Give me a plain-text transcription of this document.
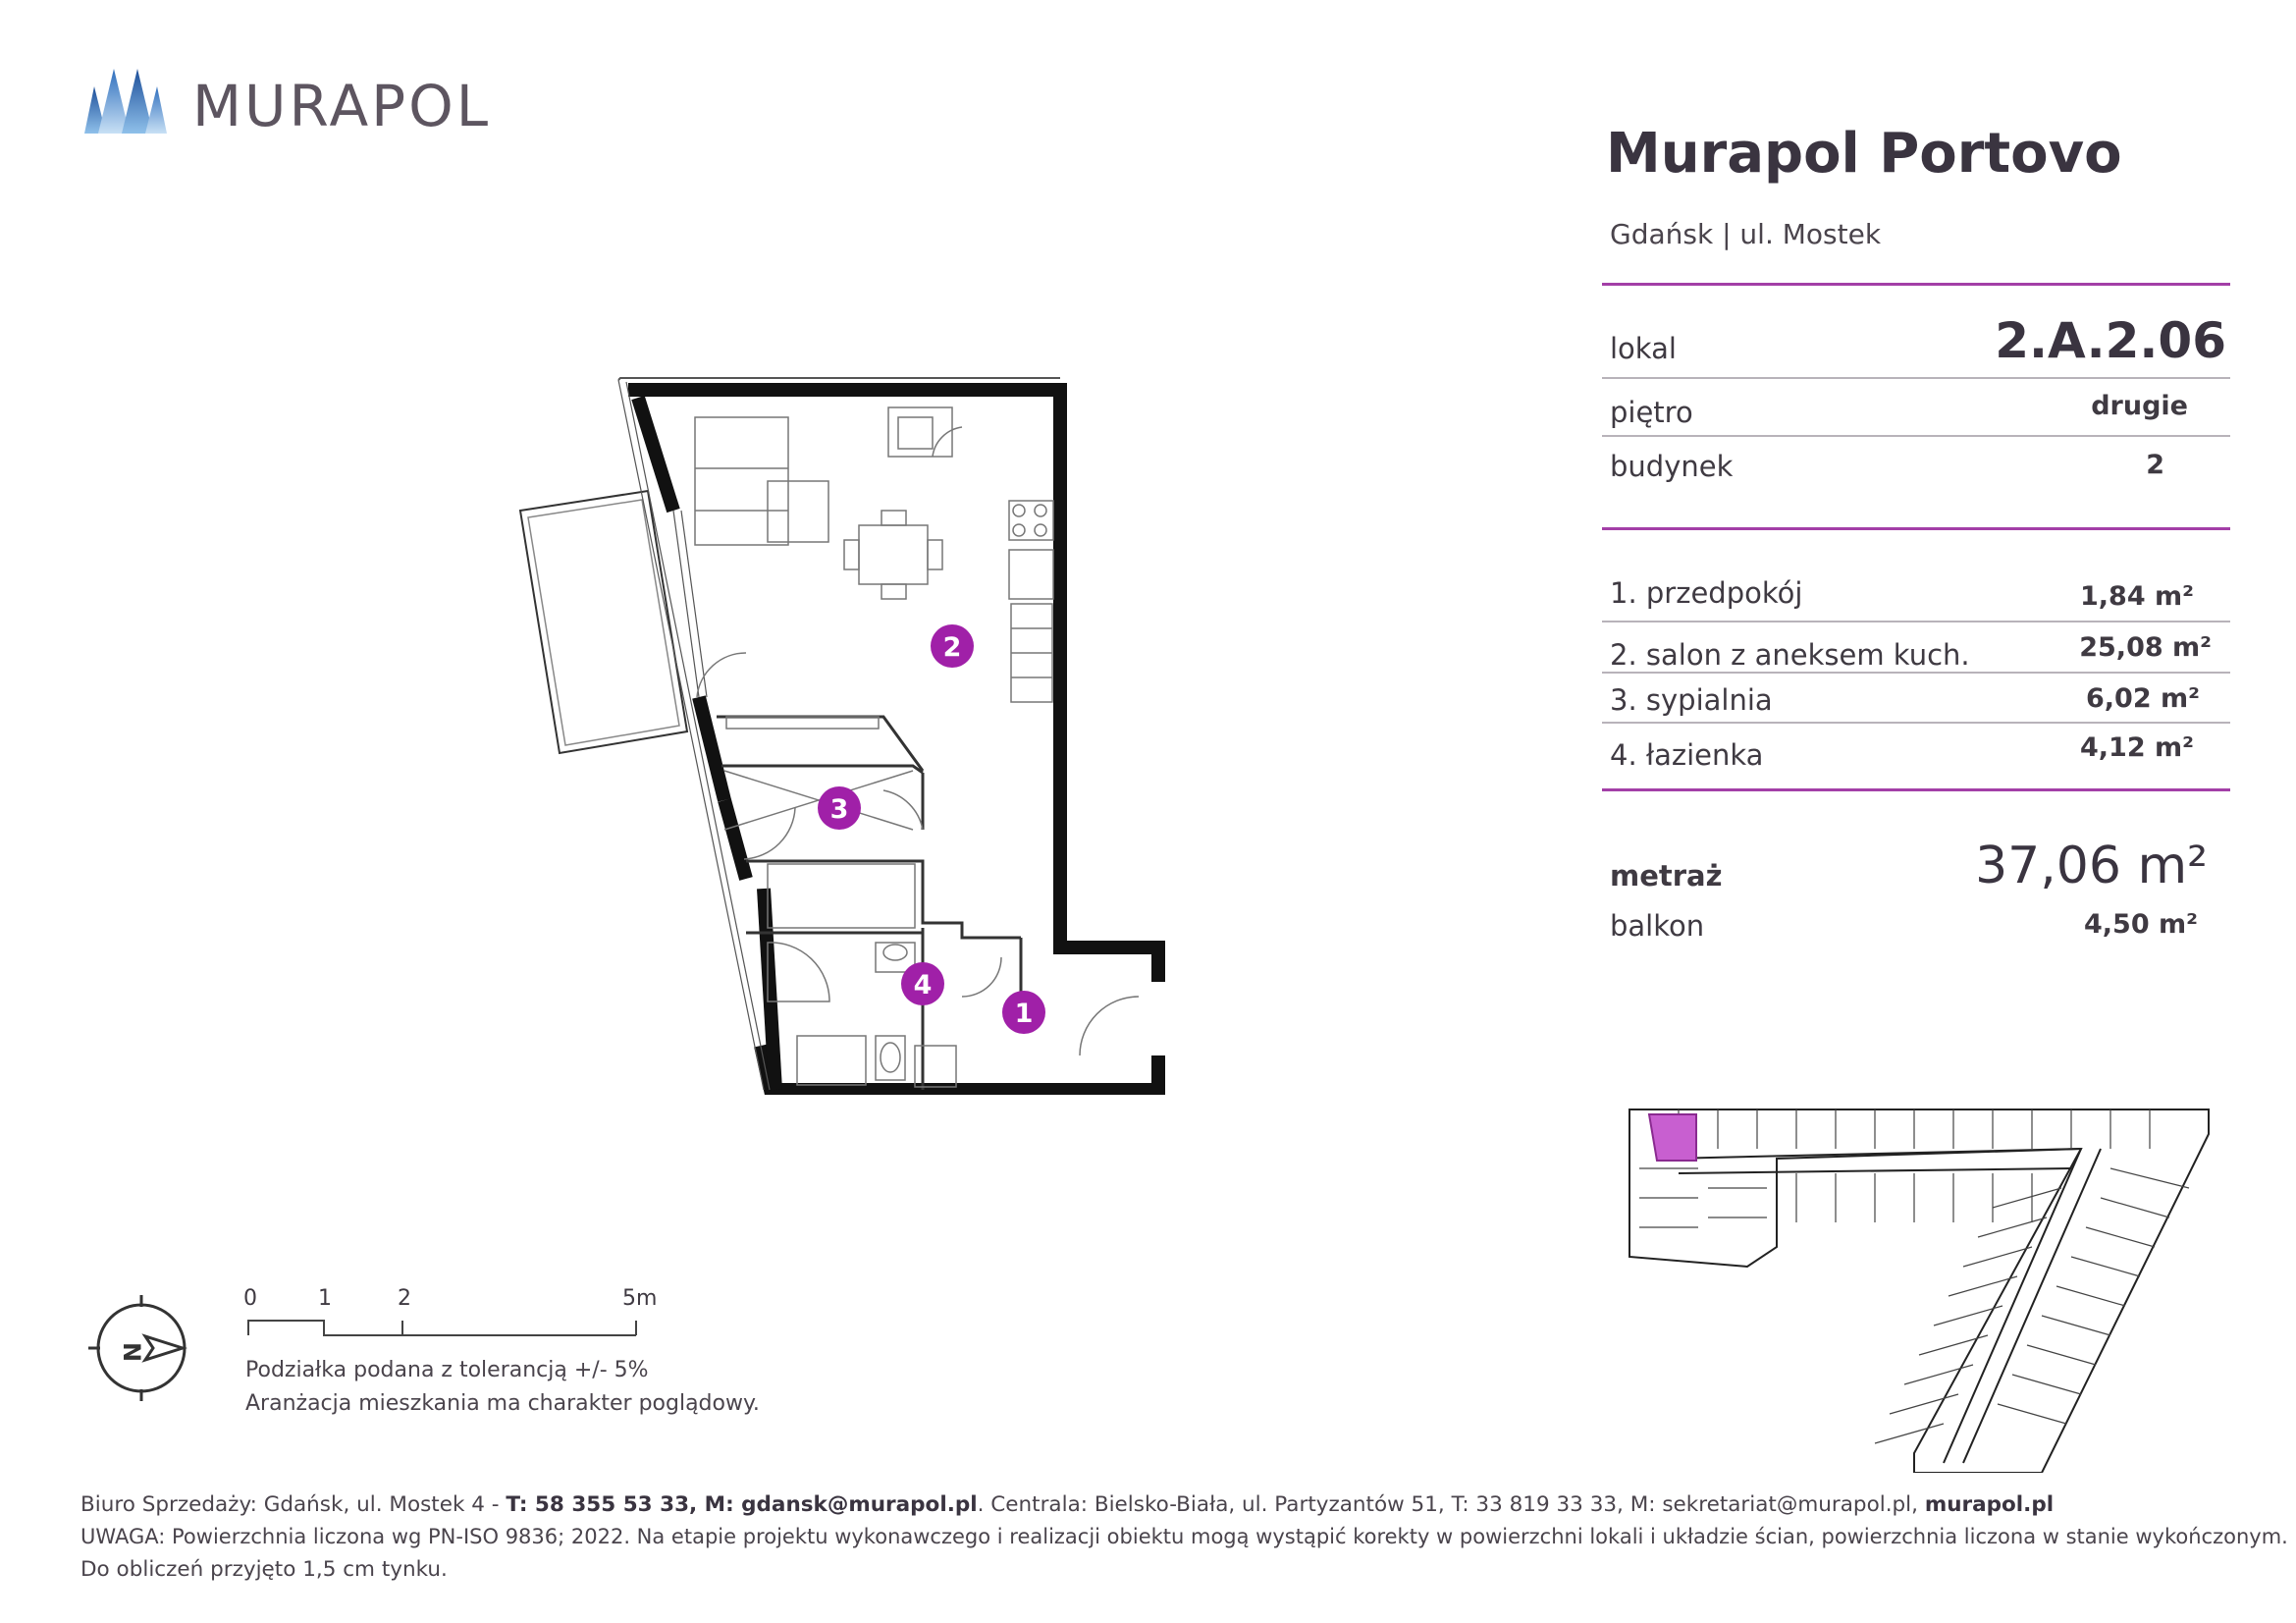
MURAPOL
Murapol Portovo
Gdańsk | ul. Mostek
lokal	2.A.2.06
piętro	drugie
budynek	2
1. przedpokój	1,84 m²
2. salon z aneksem kuch.	25,08 m²
3. sypialnia	6,02 m²
4. łazienka	4,12 m²
metraż	37,06 m²
balkon	4,50 m²
1
2
3
4
N
0	1	2	5m
Podziałka podana z tolerancją +/- 5%
Aranżacja mieszkania ma charakter poglądowy.
Biuro Sprzedaży: Gdańsk, ul. Mostek 4 - T: 58 355 53 33, M: gdansk@murapol.pl. Centrala: Bielsko-Biała, ul. Partyzantów 51, T: 33 819 33 33, M: sekretariat@murapol.pl, murapol.pl
UWAGA: Powierzchnia liczona wg PN-ISO 9836; 2022. Na etapie projektu wykonawczego i realizacji obiektu mogą wystąpić korekty w powierzchni lokali i układzie ścian, powierzchnia liczona w stanie wykończonym.
Do obliczeń przyjęto 1,5 cm tynku.
